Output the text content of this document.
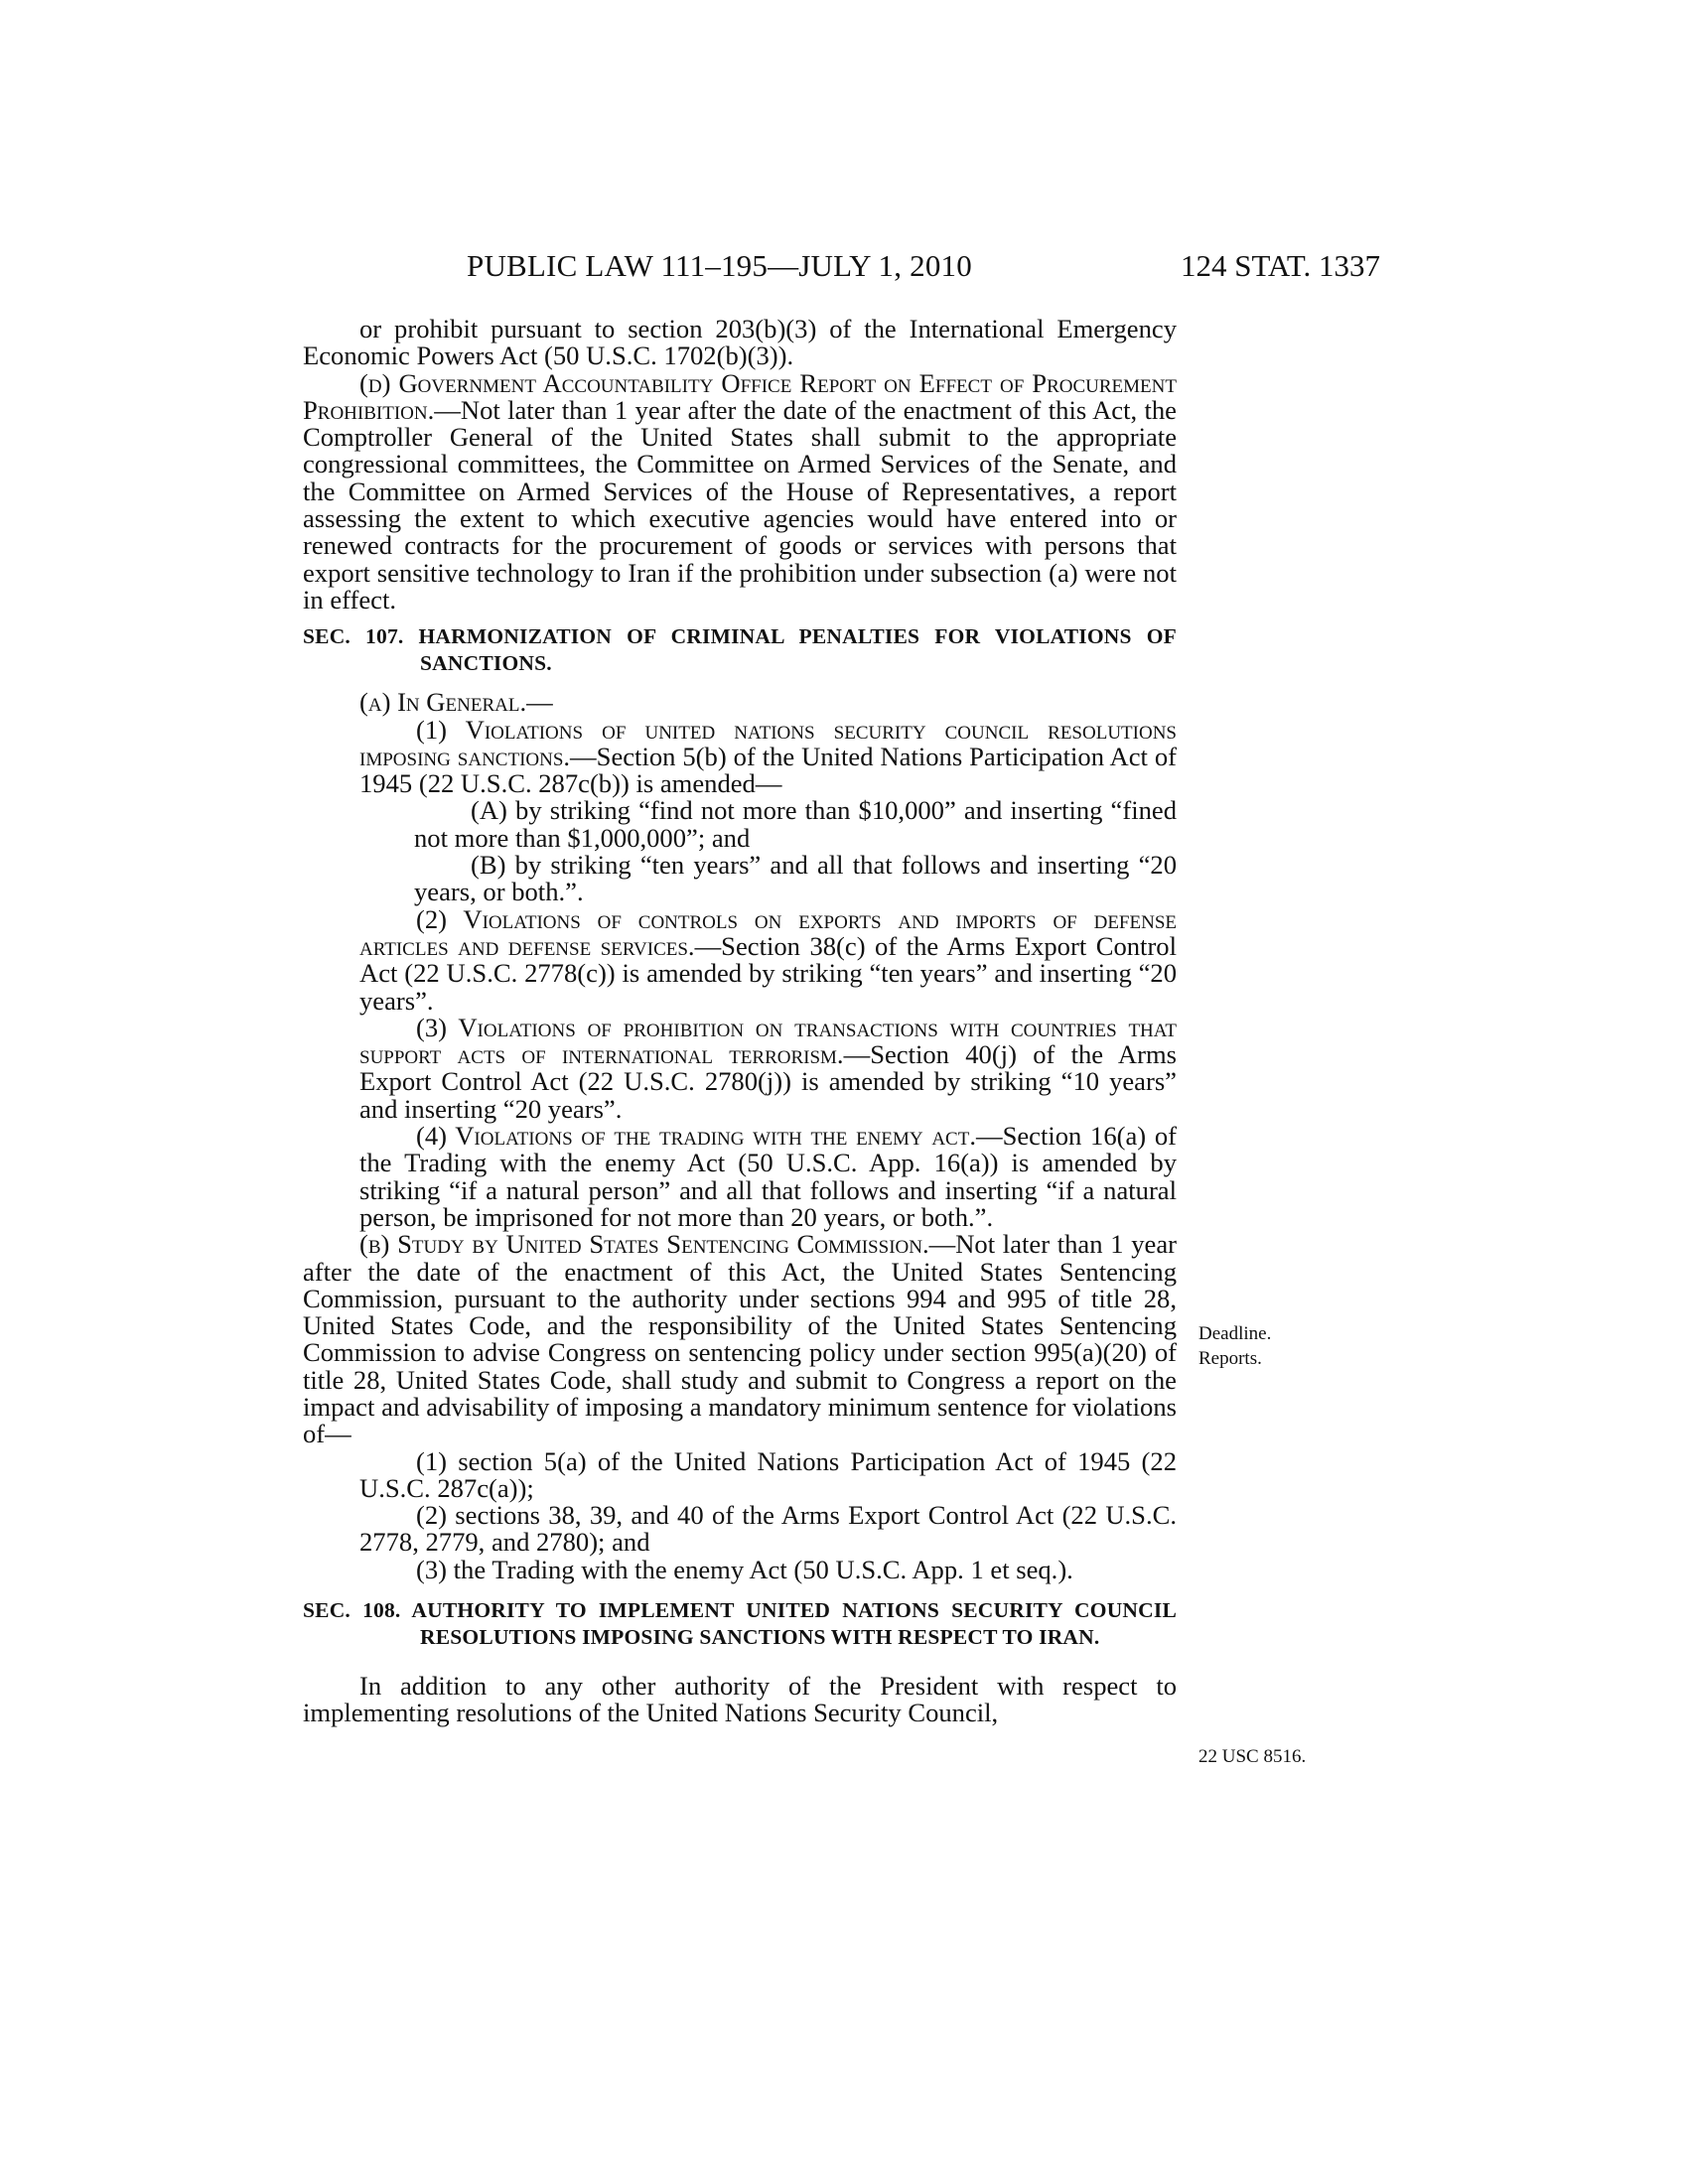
PUBLIC LAW 111–195—JULY 1, 2010	124 STAT. 1337

or prohibit pursuant to section 203(b)(3) of the International Emergency Economic Powers Act (50 U.S.C. 1702(b)(3)).

(d) Government Accountability Office Report on Effect of Procurement Prohibition.—Not later than 1 year after the date of the enactment of this Act, the Comptroller General of the United States shall submit to the appropriate congressional committees, the Committee on Armed Services of the Senate, and the Committee on Armed Services of the House of Representatives, a report assessing the extent to which executive agencies would have entered into or renewed contracts for the procurement of goods or services with persons that export sensitive technology to Iran if the prohibition under subsection (a) were not in effect.

SEC. 107. HARMONIZATION OF CRIMINAL PENALTIES FOR VIOLATIONS OF SANCTIONS.

(a) In General.—

(1) Violations of united nations security council resolutions imposing sanctions.—Section 5(b) of the United Nations Participation Act of 1945 (22 U.S.C. 287c(b)) is amended—

(A) by striking “find not more than $10,000” and inserting “fined not more than $1,000,000”; and

(B) by striking “ten years” and all that follows and inserting “20 years, or both.”.

(2) Violations of controls on exports and imports of defense articles and defense services.—Section 38(c) of the Arms Export Control Act (22 U.S.C. 2778(c)) is amended by striking “ten years” and inserting “20 years”.

(3) Violations of prohibition on transactions with countries that support acts of international terrorism.—Section 40(j) of the Arms Export Control Act (22 U.S.C. 2780(j)) is amended by striking “10 years” and inserting “20 years”.

(4) Violations of the trading with the enemy act.—Section 16(a) of the Trading with the enemy Act (50 U.S.C. App. 16(a)) is amended by striking “if a natural person” and all that follows and inserting “if a natural person, be imprisoned for not more than 20 years, or both.”.

(b) Study by United States Sentencing Commission.—Not later than 1 year after the date of the enactment of this Act, the United States Sentencing Commission, pursuant to the authority under sections 994 and 995 of title 28, United States Code, and the responsibility of the United States Sentencing Commission to advise Congress on sentencing policy under section 995(a)(20) of title 28, United States Code, shall study and submit to Congress a report on the impact and advisability of imposing a mandatory minimum sentence for violations of—

(1) section 5(a) of the United Nations Participation Act of 1945 (22 U.S.C. 287c(a));

(2) sections 38, 39, and 40 of the Arms Export Control Act (22 U.S.C. 2778, 2779, and 2780); and

(3) the Trading with the enemy Act (50 U.S.C. App. 1 et seq.).

SEC. 108. AUTHORITY TO IMPLEMENT UNITED NATIONS SECURITY COUNCIL RESOLUTIONS IMPOSING SANCTIONS WITH RESPECT TO IRAN.

In addition to any other authority of the President with respect to implementing resolutions of the United Nations Security Council,

Deadline.
Reports.
22 USC 8516.
